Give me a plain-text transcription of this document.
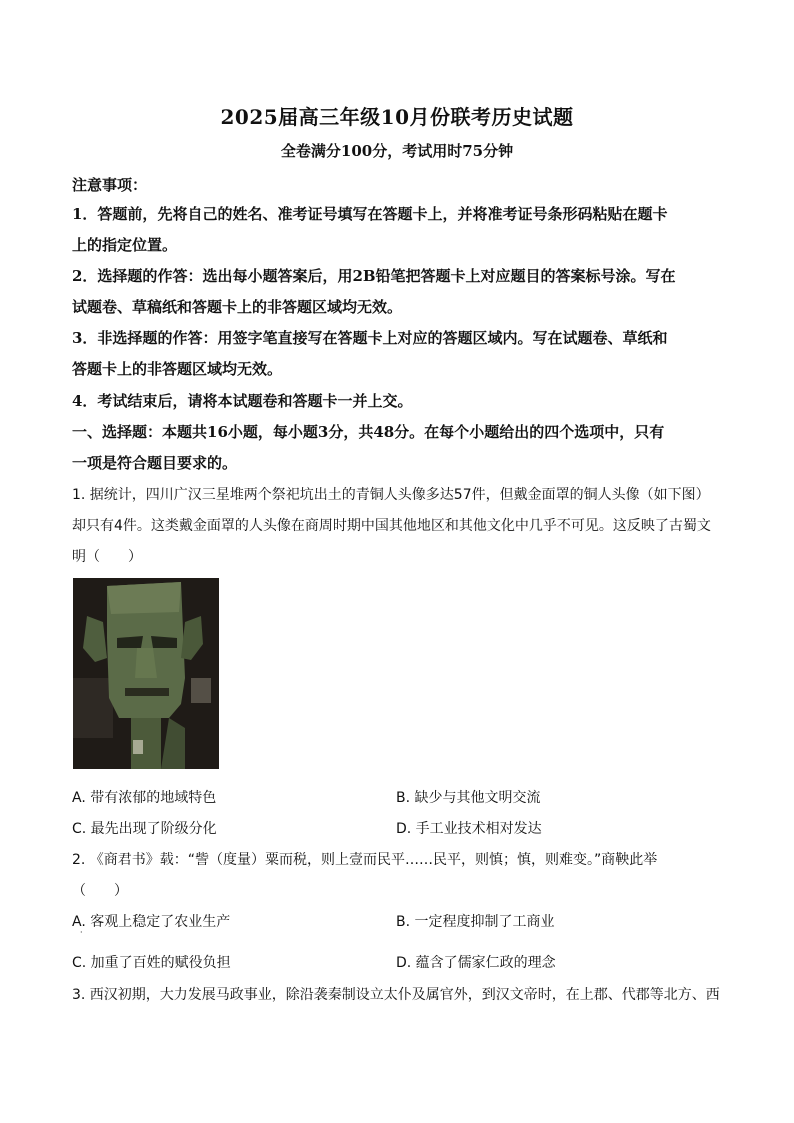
2025届高三年级10月份联考历史试题
全卷满分100分，考试用时75分钟
注意事项：
1．答题前，先将自己的姓名、准考证号填写在答题卡上，并将准考证号条形码粘贴在题卡
上的指定位置。
2．选择题的作答：选出每小题答案后，用2B铅笔把答题卡上对应题目的答案标号涂。写在
试题卷、草稿纸和答题卡上的非答题区域均无效。
3．非选择题的作答：用签字笔直接写在答题卡上对应的答题区域内。写在试题卷、草纸和
答题卡上的非答题区域均无效。
4．考试结束后，请将本试题卷和答题卡一并上交。
一、选择题：本题共16小题，每小题3分，共48分。在每个小题给出的四个选项中，只有
一项是符合题目要求的。
1. 据统计，四川广汉三星堆两个祭祀坑出土的青铜人头像多达57件，但戴金面罩的铜人头像（如下图）
却只有4件。这类戴金面罩的人头像在商周时期中国其他地区和其他文化中几乎不可见。这反映了古蜀文
明（　　）
A. 带有浓郁的地域特色	B. 缺少与其他文明交流
C. 最先出现了阶级分化	D. 手工业技术相对发达
2. 《商君书》载：“訾（度量）粟而税，则上壹而民平……民平，则慎；慎，则难变。”商鞅此举
（　　）
A. 客观上稳定了农业生产	B. 一定程度抑制了工商业
·
C. 加重了百姓的赋役负担	D. 蕴含了儒家仁政的理念
3. 西汉初期，大力发展马政事业，除沿袭秦制设立太仆及属官外，到汉文帝时，在上郡、代郡等北方、西
